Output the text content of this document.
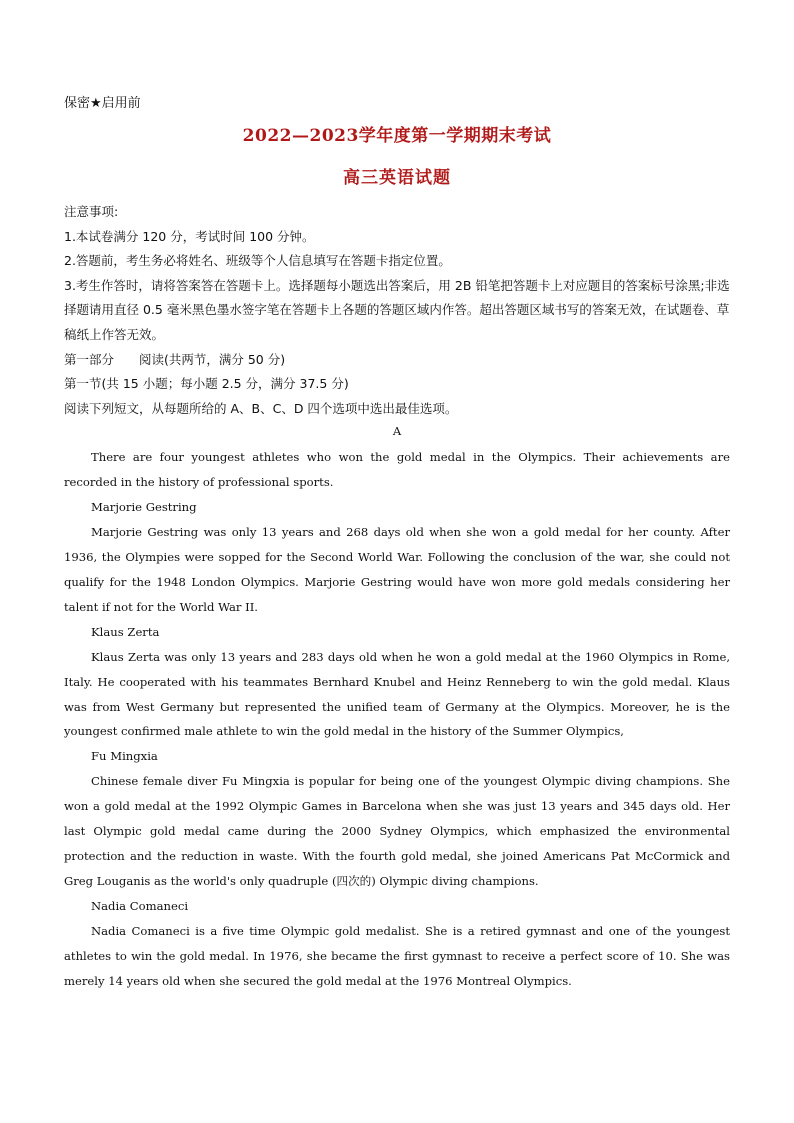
保密★启用前
2022—2023学年度第一学期期末考试
高三英语试题
注意事项:
1.本试卷满分 120 分，考试时间 100 分钟。
2.答题前，考生务必将姓名、班级等个人信息填写在答题卡指定位置。
3.考生作答时，请将答案答在答题卡上。选择题每小题选出答案后，用 2B 铅笔把答题卡上对应题目的答案标号涂黑;非选择题请用直径 0.5 毫米黑色墨水签字笔在答题卡上各题的答题区域内作答。超出答题区域书写的答案无效，在试题卷、草稿纸上作答无效。
第一部分　　阅读(共两节，满分 50 分)
第一节(共 15 小题；每小题 2.5 分，满分 37.5 分)
阅读下列短文，从每题所给的 A、B、C、D 四个选项中选出最佳选项。
A

There are four youngest athletes who won the gold medal in the Olympics. Their achievements are recorded in the history of professional sports.

Marjorie Gestring

Marjorie Gestring was only 13 years and 268 days old when she won a gold medal for her county. After 1936, the Olympies were sopped for the Second World War. Following the conclusion of the war, she could not qualify for the 1948 London Olympics. Marjorie Gestring would have won more gold medals considering her talent if not for the World War II.

Klaus Zerta

Klaus Zerta was only 13 years and 283 days old when he won a gold medal at the 1960 Olympics in Rome, Italy. He cooperated with his teammates Bernhard Knubel and Heinz Renneberg to win the gold medal. Klaus was from West Germany but represented the unified team of Germany at the Olympics. Moreover, he is the youngest confirmed male athlete to win the gold medal in the history of the Summer Olympics,

Fu Mingxia

Chinese female diver Fu Mingxia is popular for being one of the youngest Olympic diving champions. She won a gold medal at the 1992 Olympic Games in Barcelona when she was just 13 years and 345 days old. Her last Olympic gold medal came during the 2000 Sydney Olympics, which emphasized the environmental protection and the reduction in waste. With the fourth gold medal, she joined Americans Pat McCormick and Greg Louganis as the world's only quadruple (四次的) Olympic diving champions.

Nadia Comaneci

Nadia Comaneci is a five time Olympic gold medalist. She is a retired gymnast and one of the youngest athletes to win the gold medal. In 1976, she became the first gymnast to receive a perfect score of 10. She was merely 14 years old when she secured the gold medal at the 1976 Montreal Olympics.
